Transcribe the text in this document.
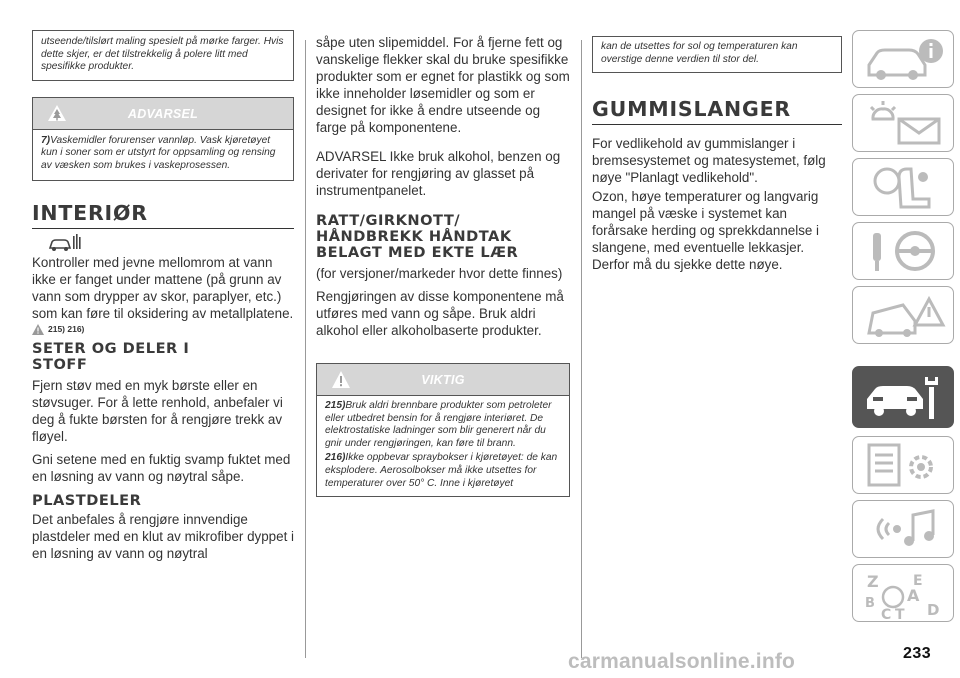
utseende/tilslørt maling spesielt på mørke farger. Hvis dette skjer, er det tilstrekkelig å polere litt med spesifikke produkter.

ADVARSEL

7)Vaskemidler forurenser vannløp. Vask kjøretøyet kun i soner som er utstyrt for oppsamling og rensing av væsken som brukes i vaskeprosessen.

INTERIØR

Kontroller med jevne mellomrom at vann ikke er fanget under mattene (på grunn av vann som drypper av skor, paraplyer, etc.) som kan føre til oksidering av metallplatene.

215) 216)
SETER OG DELER I STOFF

Fjern støv med en myk børste eller en støvsuger. For å lette renhold, anbefaler vi deg å fukte børsten for å rengjøre trekk av fløyel.

Gni setene med en fuktig svamp fuktet med en løsning av vann og nøytral såpe.

PLASTDELER

Det anbefales å rengjøre innvendige plastdeler med en klut av mikrofiber dyppet i en løsning av vann og nøytral

såpe uten slipemiddel. For å fjerne fett og vanskelige flekker skal du bruke spesifikke produkter som er egnet for plastikk og som ikke inneholder løsemidler og som er designet for ikke å endre utseende og farge på komponentene.

ADVARSEL Ikke bruk alkohol, benzen og derivater for rengjøring av glasset på instrumentpanelet.

RATT/GIRKNOTT/ HÅNDBREKK HÅNDTAK BELAGT MED EKTE LÆR

(for versjoner/markeder hvor dette finnes)

Rengjøringen av disse komponentene må utføres med vann og såpe. Bruk aldri alkohol eller alkoholbaserte produkter.

VIKTIG

215)Bruk aldri brennbare produkter som petroleter eller utbedret bensin for å rengjøre interiøret. De elektrostatiske ladninger som blir generert når du gnir under rengjøringen, kan føre til brann.

216)Ikke oppbevar spraybokser i kjøretøyet: de kan eksplodere. Aerosolbokser må ikke utsettes for temperaturer over 50° C. Inne i kjøretøyet

kan de utsettes for sol og temperaturen kan overstige denne verdien til stor del.

GUMMISLANGER

For vedlikehold av gummislanger i bremsesystemet og matesystemet, følg nøye "Planlagt vedlikehold".

Ozon, høye temperaturer og langvarig mangel på væske i systemet kan forårsake herding og sprekkdannelse i slangene, med eventuelle lekkasjer. Derfor må du sjekke dette nøye.

Z E
A
B
C T D
carmanualsonline.info	233
